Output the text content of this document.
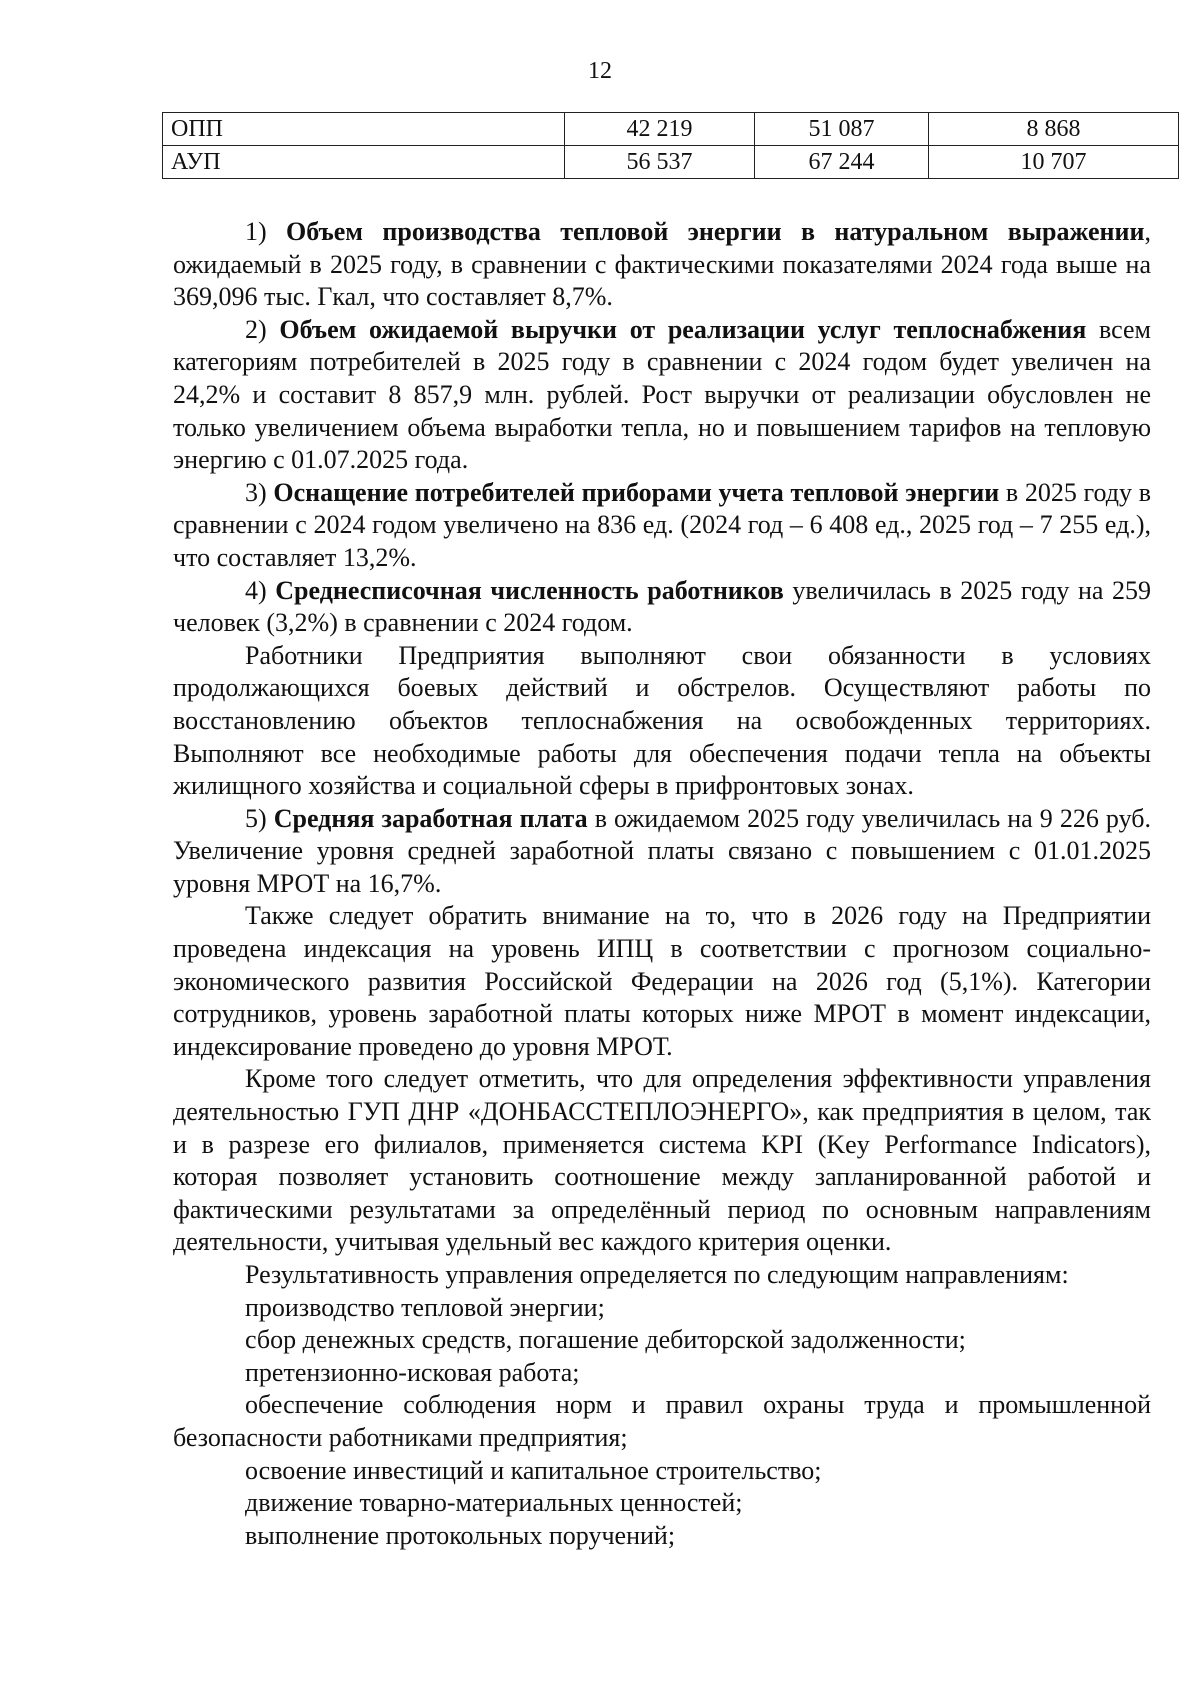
12
ОПП	42 219	51 087	8 868
АУП	56 537	67 244	10 707

1) Объем производства тепловой энергии в натуральном выражении, ожидаемый в 2025 году, в сравнении с фактическими показателями 2024 года выше на 369,096 тыс. Гкал, что составляет 8,7%.

2) Объем ожидаемой выручки от реализации услуг теплоснабжения всем категориям потребителей в 2025 году в сравнении с 2024 годом будет увеличен на 24,2% и составит 8 857,9 млн. рублей. Рост выручки от реализации обусловлен не только увеличением объема выработки тепла, но и повышением тарифов на тепловую энергию с 01.07.2025 года.

3) Оснащение потребителей приборами учета тепловой энергии в 2025 году в сравнении с 2024 годом увеличено на 836 ед. (2024 год – 6 408 ед., 2025 год – 7 255 ед.), что составляет 13,2%.

4) Среднесписочная численность работников увеличилась в 2025 году на 259 человек (3,2%) в сравнении с 2024 годом.

Работники Предприятия выполняют свои обязанности в условиях продолжающихся боевых действий и обстрелов. Осуществляют работы по восстановлению объектов теплоснабжения на освобожденных территориях. Выполняют все необходимые работы для обеспечения подачи тепла на объекты жилищного хозяйства и социальной сферы в прифронтовых зонах.

5) Средняя заработная плата в ожидаемом 2025 году увеличилась на 9 226 руб. Увеличение уровня средней заработной платы связано с повышением с 01.01.2025 уровня МРОТ на 16,7%.

Также следует обратить внимание на то, что в 2026 году на Предприятии проведена индексация на уровень ИПЦ в соответствии с прогнозом социально-экономического развития Российской Федерации на 2026 год (5,1%). Категории сотрудников, уровень заработной платы которых ниже МРОТ в момент индексации, индексирование проведено до уровня МРОТ.

Кроме того следует отметить, что для определения эффективности управления деятельностью ГУП ДНР «ДОНБАССТЕПЛОЭНЕРГО», как предприятия в целом, так и в разрезе его филиалов, применяется система KPI (Key Performance Indicators), которая позволяет установить соотношение между запланированной работой и фактическими результатами за определённый период по основным направлениям деятельности, учитывая удельный вес каждого критерия оценки.

Результативность управления определяется по следующим направлениям:

производство тепловой энергии;

сбор денежных средств, погашение дебиторской задолженности;

претензионно-исковая работа;

обеспечение соблюдения норм и правил охраны труда и промышленной безопасности работниками предприятия;

освоение инвестиций и капитальное строительство;

движение товарно-материальных ценностей;

выполнение протокольных поручений;
